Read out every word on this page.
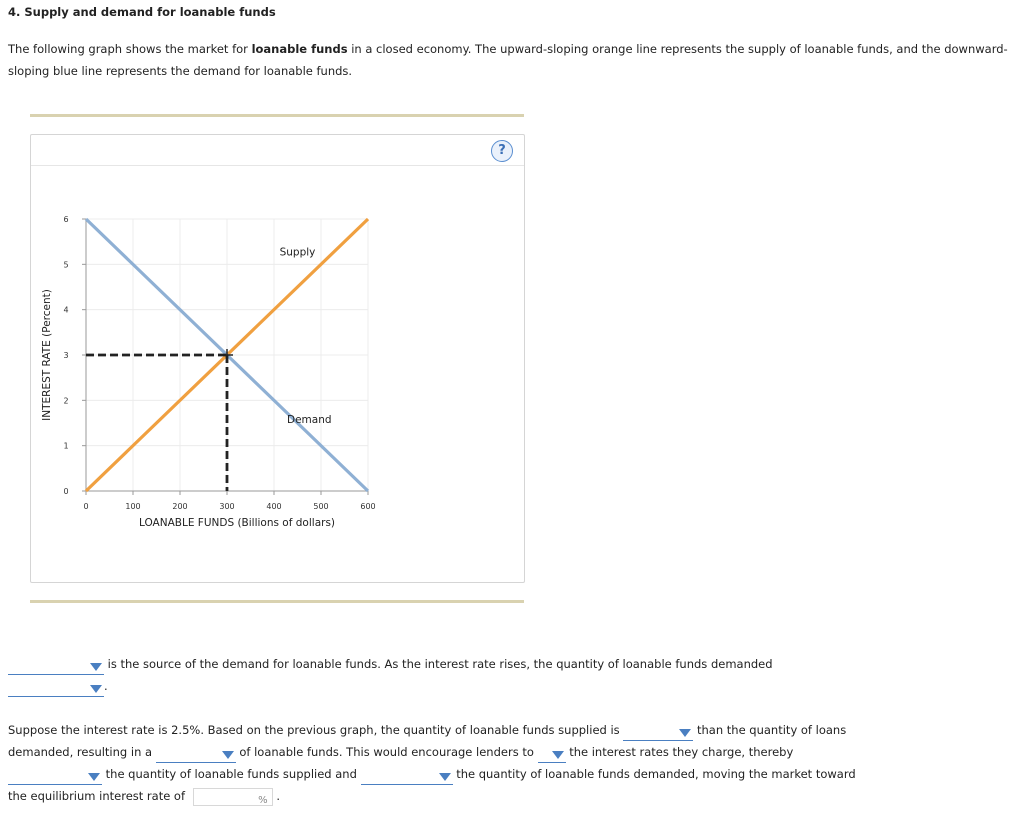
4. Supply and demand for loanable funds
The following graph shows the market for loanable funds in a closed economy. The upward-sloping orange line represents the supply of loanable funds, and the downward-sloping blue line represents the demand for loanable funds.
?
0	100	200	300	400	500	600
0
1
2
3
4
5
6
LOANABLE FUNDS (Billions of dollars)
INTEREST RATE (Percent)
Supply
Demand
is the source of the demand for loanable funds. As the interest rate rises, the quantity of loanable funds demanded
.
Suppose the interest rate is 2.5%. Based on the previous graph, the quantity of loanable funds supplied is	than the quantity of loans
demanded, resulting in a	of loanable funds. This would encourage lenders to	the interest rates they charge, thereby
the quantity of loanable funds supplied and	the quantity of loanable funds demanded, moving the market toward
the equilibrium interest rate of	% .
